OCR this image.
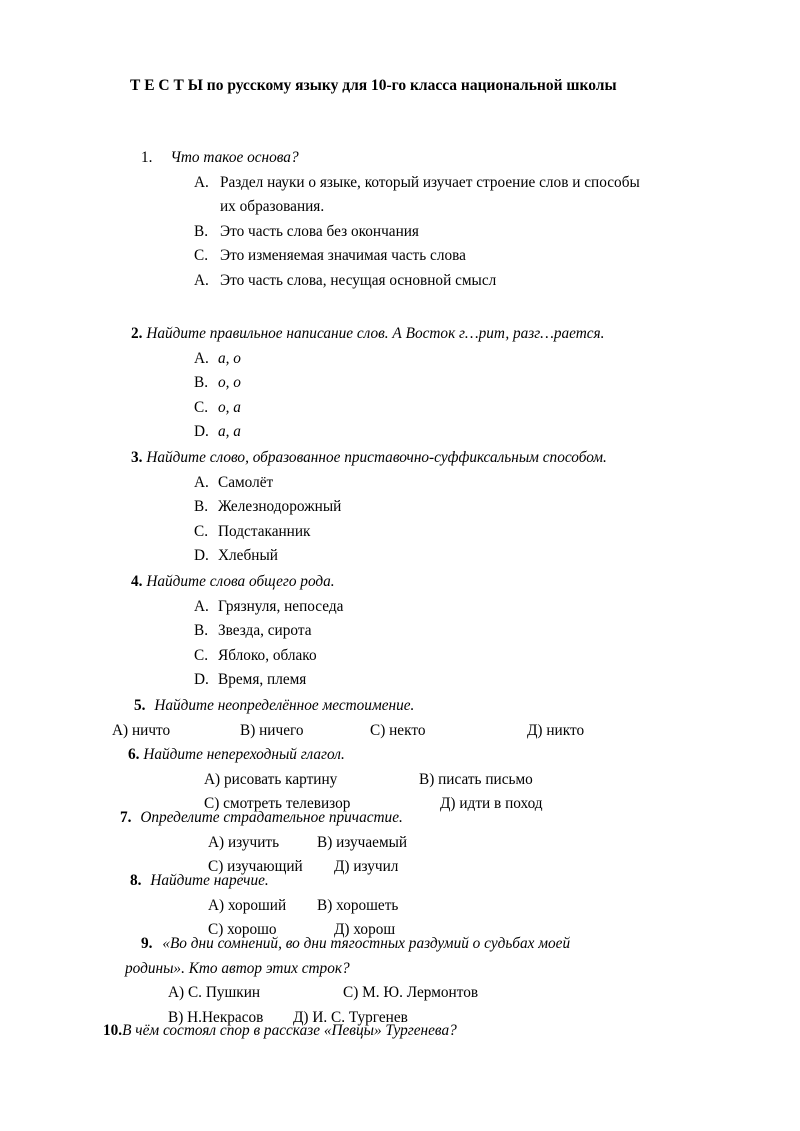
Т Е С Т Ы по русскому языку для 10-го класса национальной школы
1. Что такое основа?
A. Раздел науки о языке, который изучает строение слов и способы
их образования.
B. Это часть слова без окончания
C. Это изменяемая значимая часть слова
A. Это часть слова, несущая основной смысл
2. Найдите правильное написание слов. А Восток г…рит, разг…рается.
A. а, о
B. о, о
C. о, а
D. а, а
3. Найдите слово, образованное приставочно-суффиксальным способом.
A. Самолёт
B. Железнодорожный
C. Подстаканник
D. Хлебный
4. Найдите слова общего рода.
A. Грязнуля, непоседа
B. Звезда, сирота
C. Яблоко, облако
D. Время, племя
5. Найдите неопределённое местоимение.
А) ничто	В) ничего	С) некто	Д) никто
6. Найдите непереходный глагол.
А) рисовать картину	В) писать письмо
С) смотреть телевизор	Д) идти в поход
7. Определите страдательное причастие.
А) изучить В) изучаемый
С) изучающий Д) изучил
8. Найдите наречие.
А) хороший В) хорошеть
С) хорошо	Д) хорош
9. «Во дни сомнений, во дни тягостных раздумий о судьбах моей
родины». Кто автор этих строк?
А) С. Пушкин	С) М. Ю. Лермонтов
В) Н.Некрасов Д) И. С. Тургенев
10.В чём состоял спор в рассказе «Певцы» Тургенева?
